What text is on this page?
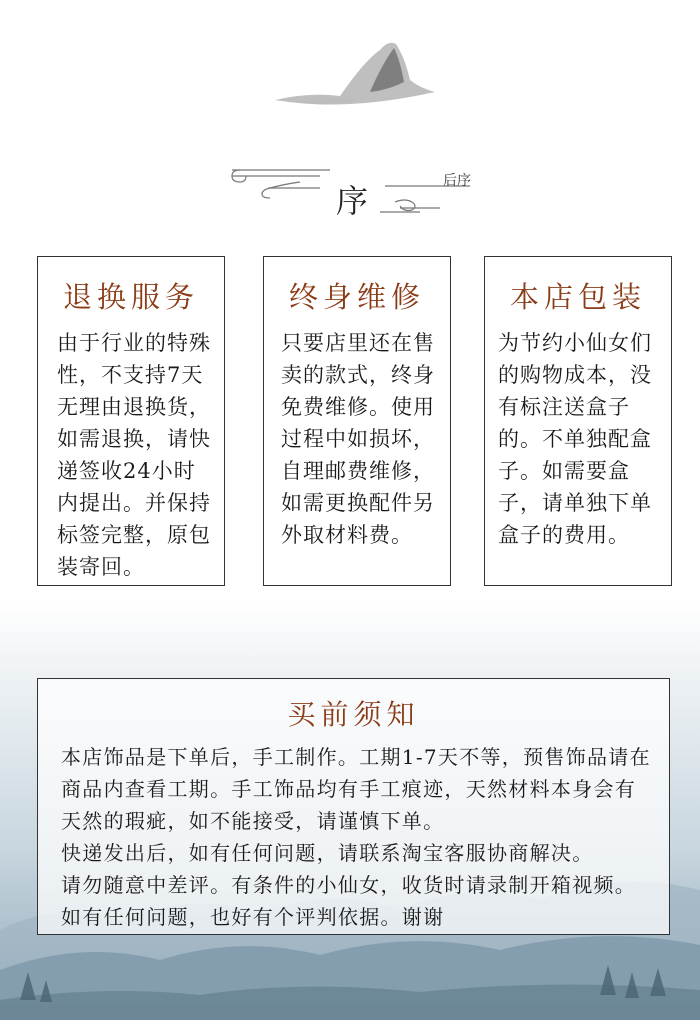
序
后序
退换服务

由于行业的特殊性，不支持7天无理由退换货，如需退换，请快递签收24小时内提出。并保持标签完整，原包装寄回。

终身维修

只要店里还在售卖的款式，终身免费维修。使用过程中如损坏，自理邮费维修，如需更换配件另外取材料费。

本店包装

为节约小仙女们的购物成本，没有标注送盒子的。不单独配盒子。如需要盒子，请单独下单盒子的费用。

买前须知

本店饰品是下单后，手工制作。工期1-7天不等，预售饰品请在商品内查看工期。手工饰品均有手工痕迹，天然材料本身会有天然的瑕疵，如不能接受，请谨慎下单。

快递发出后，如有任何问题，请联系淘宝客服协商解决。

请勿随意中差评。有条件的小仙女，收货时请录制开箱视频。如有任何问题，也好有个评判依据。谢谢
